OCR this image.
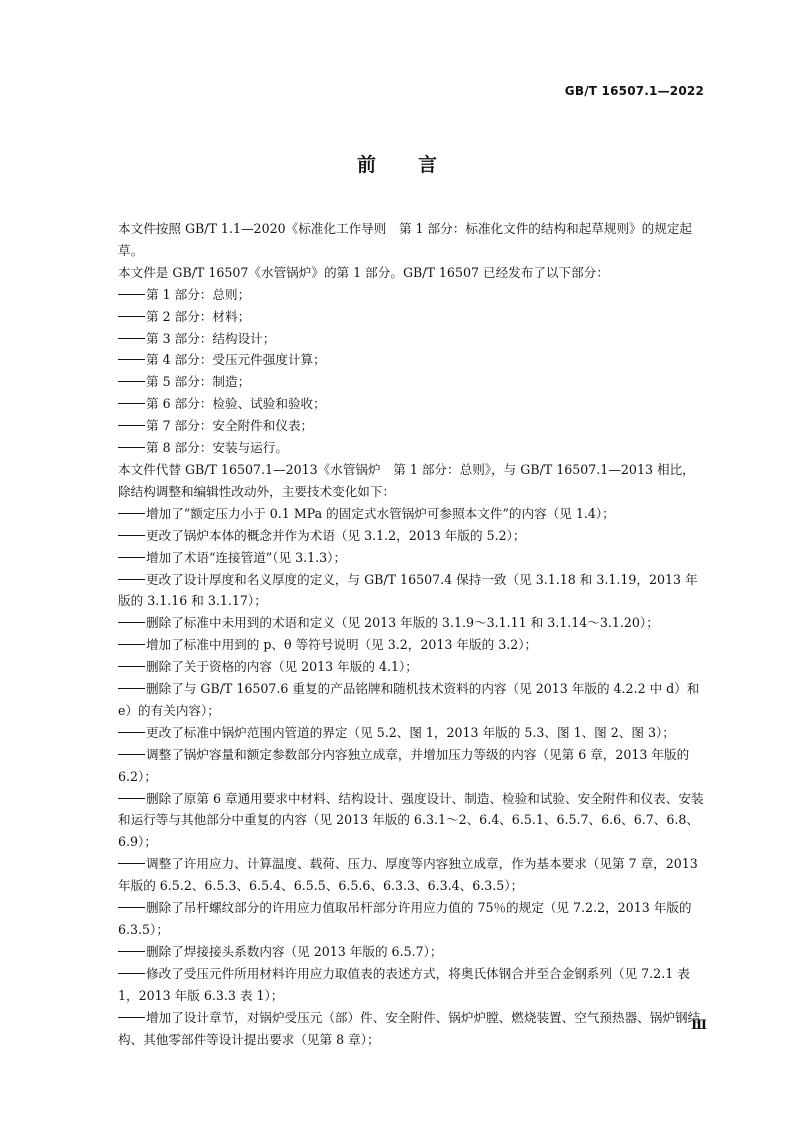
GB/T 16507.1—2022
前言

本文件按照 GB/T 1.1—2020《标准化工作导则　第 1 部分：标准化文件的结构和起草规则》的规定起草。

本文件是 GB/T 16507《水管锅炉》的第 1 部分。GB/T 16507 已经发布了以下部分：

第 1 部分：总则；

第 2 部分：材料；

第 3 部分：结构设计；

第 4 部分：受压元件强度计算；

第 5 部分：制造；

第 6 部分：检验、试验和验收；

第 7 部分：安全附件和仪表；

第 8 部分：安装与运行。

本文件代替 GB/T 16507.1—2013《水管锅炉　第 1 部分：总则》，与 GB/T 16507.1—2013 相比，除结构调整和编辑性改动外，主要技术变化如下：

增加了“额定压力小于 0.1 MPa 的固定式水管锅炉可参照本文件”的内容（见 1.4）；

更改了锅炉本体的概念并作为术语（见 3.1.2，2013 年版的 5.2）；

增加了术语“连接管道”（见 3.1.3）；

更改了设计厚度和名义厚度的定义，与 GB/T 16507.4 保持一致（见 3.1.18 和 3.1.19，2013 年版的 3.1.16 和 3.1.17）；

删除了标准中未用到的术语和定义（见 2013 年版的 3.1.9～3.1.11 和 3.1.14～3.1.20）；

增加了标准中用到的 p、θ 等符号说明（见 3.2，2013 年版的 3.2）；

删除了关于资格的内容（见 2013 年版的 4.1）；

删除了与 GB/T 16507.6 重复的产品铭牌和随机技术资料的内容（见 2013 年版的 4.2.2 中 d）和 e）的有关内容）；

更改了标准中锅炉范围内管道的界定（见 5.2、图 1，2013 年版的 5.3、图 1、图 2、图 3）；

调整了锅炉容量和额定参数部分内容独立成章，并增加压力等级的内容（见第 6 章，2013 年版的 6.2）；

删除了原第 6 章通用要求中材料、结构设计、强度设计、制造、检验和试验、安全附件和仪表、安装和运行等与其他部分中重复的内容（见 2013 年版的 6.3.1～2、6.4、6.5.1、6.5.7、6.6、6.7、6.8、6.9）；

调整了许用应力、计算温度、载荷、压力、厚度等内容独立成章，作为基本要求（见第 7 章，2013 年版的 6.5.2、6.5.3、6.5.4、6.5.5、6.5.6、6.3.3、6.3.4、6.3.5）；

删除了吊杆螺纹部分的许用应力值取吊杆部分许用应力值的 75％的规定（见 7.2.2，2013 年版的 6.3.5）；

删除了焊接接头系数内容（见 2013 年版的 6.5.7）；

修改了受压元件所用材料许用应力取值表的表述方式，将奥氏体钢合并至合金钢系列（见 7.2.1 表 1，2013 年版 6.3.3 表 1）；

增加了设计章节，对锅炉受压元（部）件、安全附件、锅炉炉膛、燃烧装置、空气预热器、锅炉钢结构、其他零部件等设计提出要求（见第 8 章）；

Ⅲ
